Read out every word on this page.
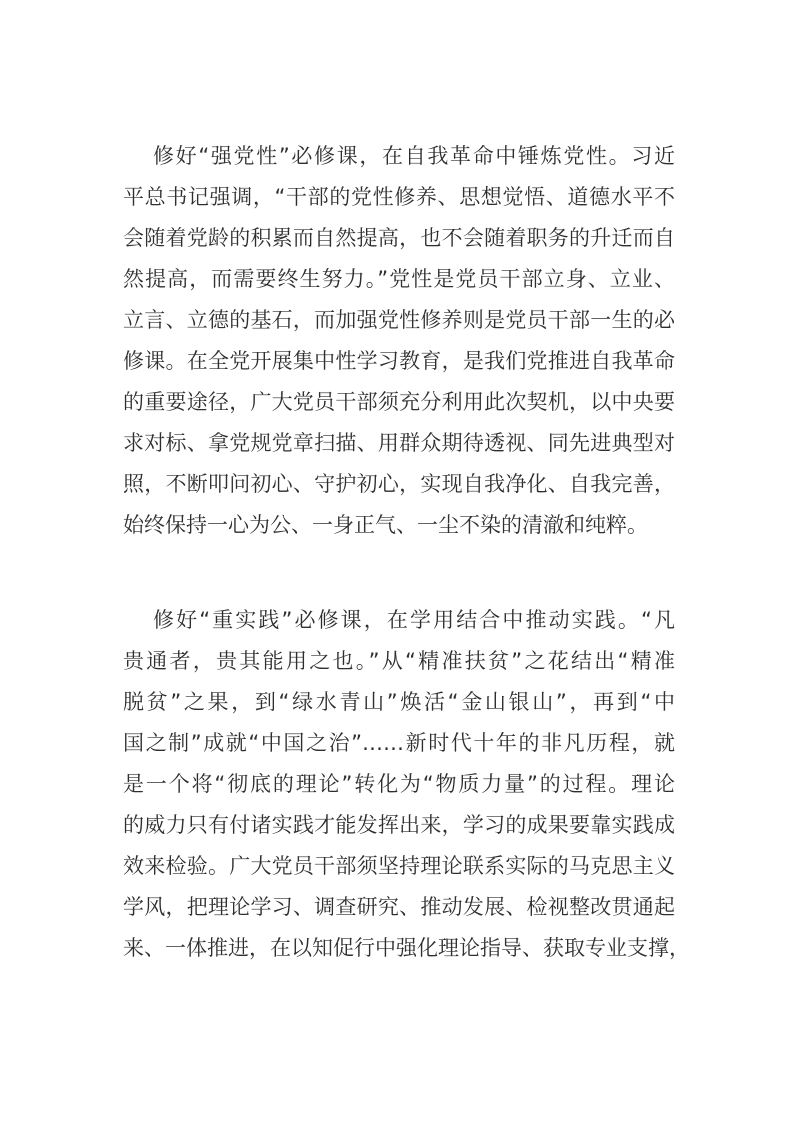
修好“强党性”必修课，在自我革命中锤炼党性。习近
平总书记强调，“干部的党性修养、思想觉悟、道德水平不
会随着党龄的积累而自然提高，也不会随着职务的升迁而自
然提高，而需要终生努力。”党性是党员干部立身、立业、
立言、立德的基石，而加强党性修养则是党员干部一生的必
修课。在全党开展集中性学习教育，是我们党推进自我革命
的重要途径，广大党员干部须充分利用此次契机，以中央要
求对标、拿党规党章扫描、用群众期待透视、同先进典型对
照，不断叩问初心、守护初心，实现自我净化、自我完善，
始终保持一心为公、一身正气、一尘不染的清澈和纯粹。
修好“重实践”必修课，在学用结合中推动实践。“凡
贵通者，贵其能用之也。”从“精准扶贫”之花结出“精准
脱贫”之果，到“绿水青山”焕活“金山银山”，再到“中
国之制”成就“中国之治”……新时代十年的非凡历程，就
是一个将“彻底的理论”转化为“物质力量”的过程。理论
的威力只有付诸实践才能发挥出来，学习的成果要靠实践成
效来检验。广大党员干部须坚持理论联系实际的马克思主义
学风，把理论学习、调查研究、推动发展、检视整改贯通起
来、一体推进，在以知促行中强化理论指导、获取专业支撑，
